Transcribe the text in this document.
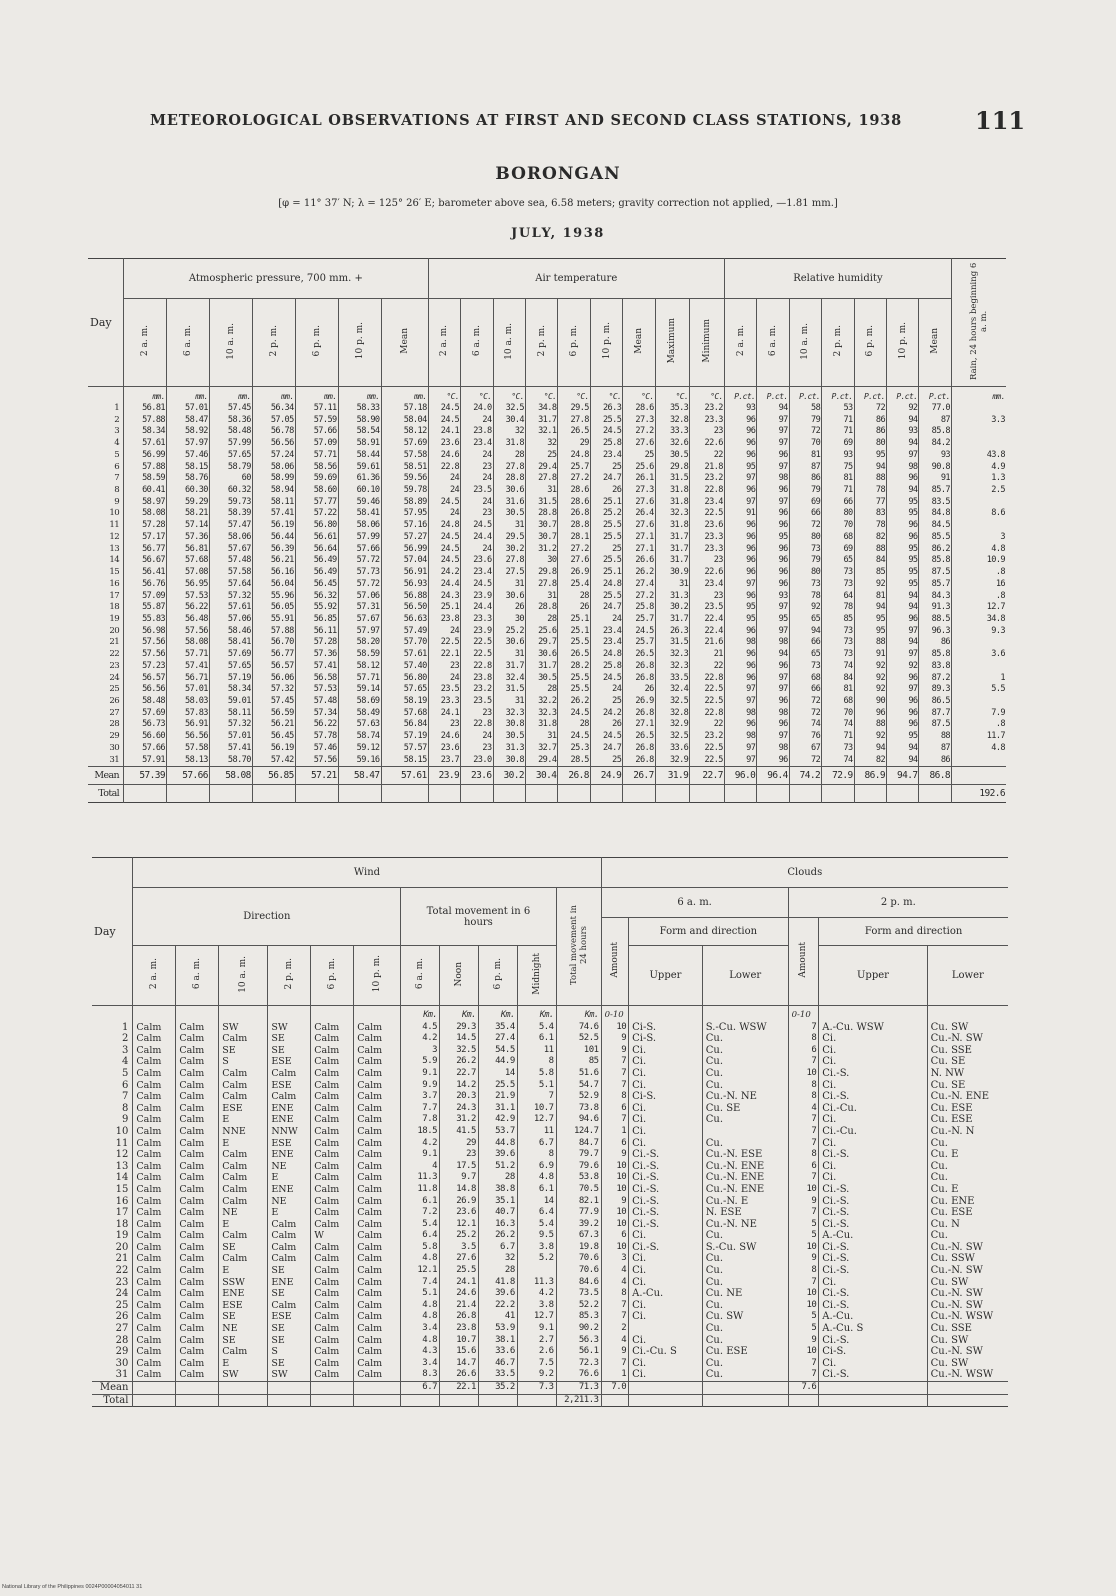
METEOROLOGICAL OBSERVATIONS AT FIRST AND SECOND CLASS STATIONS, 1938	111
BORONGAN
[φ = 11° 37′ N; λ = 125° 26′ E; barometer above sea, 6.58 meters; gravity correction not applied, —1.81 mm.]
JULY, 1938
Day	Atmospheric pressure, 700 mm. +							Air temperature									Relative humidity							Rain, 24 hours beginning 6 a. m.
	2 a. m.	6 a. m.	10 a. m.	2 p. m.	6 p. m.	10 p. m.	Mean	2 a. m.	6 a. m.	10 a. m.	2 p. m.	6 p. m.	10 p. m.	Mean	Maximum	Minimum	2 a. m.	6 a. m.	10 a. m.	2 p. m.	6 p. m.	10 p. m.	Mean	
	mm.	mm.	mm.	mm.	mm.	mm.	mm.	°C.	°C.	°C.	°C.	°C.	°C.	°C.	°C.	°C.	P.ct.	P.ct.	P.ct.	P.ct.	P.ct.	P.ct.	P.ct.	mm.
1	56.81	57.01	57.45	56.34	57.11	58.33	57.18	24.5	24.0	32.5	34.8	29.5	26.3	28.6	35.3	23.2	93	94	58	53	72	92	77.0	
2	57.88	58.47	58.36	57.05	57.59	58.90	58.04	24.5	24	30.4	31.7	27.8	25.5	27.3	32.8	23.3	96	97	79	71	86	94	87	3.3
3	58.34	58.92	58.48	56.78	57.66	58.54	58.12	24.1	23.8	32	32.1	26.5	24.5	27.2	33.3	23	96	97	72	71	86	93	85.8	
4	57.61	57.97	57.99	56.56	57.09	58.91	57.69	23.6	23.4	31.8	32	29	25.8	27.6	32.6	22.6	96	97	70	69	80	94	84.2	
5	56.99	57.46	57.65	57.24	57.71	58.44	57.58	24.6	24	28	25	24.8	23.4	25	30.5	22	96	96	81	93	95	97	93	43.8
6	57.88	58.15	58.79	58.06	58.56	59.61	58.51	22.8	23	27.8	29.4	25.7	25	25.6	29.8	21.8	95	97	87	75	94	98	90.8	4.9
7	58.59	58.76	60	58.99	59.69	61.36	59.56	24	24	28.8	27.8	27.2	24.7	26.1	31.5	23.2	97	98	86	81	88	96	91	1.3
8	60.41	60.30	60.32	58.94	58.60	60.10	59.78	24	23.5	30.6	31	28.6	26	27.3	31.8	22.8	96	96	79	71	78	94	85.7	2.5
9	58.97	59.29	59.73	58.11	57.77	59.46	58.89	24.5	24	31.6	31.5	28.6	25.1	27.6	31.8	23.4	97	97	69	66	77	95	83.5	
10	58.08	58.21	58.39	57.41	57.22	58.41	57.95	24	23	30.5	28.8	26.8	25.2	26.4	32.3	22.5	91	96	66	80	83	95	84.8	8.6
11	57.28	57.14	57.47	56.19	56.80	58.06	57.16	24.8	24.5	31	30.7	28.8	25.5	27.6	31.8	23.6	96	96	72	70	78	96	84.5	
12	57.17	57.36	58.06	56.44	56.61	57.99	57.27	24.5	24.4	29.5	30.7	28.1	25.5	27.1	31.7	23.3	96	95	80	68	82	96	85.5	3
13	56.77	56.81	57.67	56.39	56.64	57.66	56.99	24.5	24	30.2	31.2	27.2	25	27.1	31.7	23.3	96	96	73	69	88	95	86.2	4.8
14	56.67	57.68	57.48	56.21	56.49	57.72	57.04	24.5	23.6	27.8	30	27.6	25.5	26.6	31.7	23	96	96	79	65	84	95	85.8	10.9
15	56.41	57.08	57.58	56.16	56.49	57.73	56.91	24.2	23.4	27.5	29.8	26.9	25.1	26.2	30.9	22.6	96	96	80	73	85	95	87.5	.8
16	56.76	56.95	57.64	56.04	56.45	57.72	56.93	24.4	24.5	31	27.8	25.4	24.8	27.4	31	23.4	97	96	73	73	92	95	85.7	16
17	57.09	57.53	57.32	55.96	56.32	57.06	56.88	24.3	23.9	30.6	31	28	25.5	27.2	31.3	23	96	93	78	64	81	94	84.3	.8
18	55.87	56.22	57.61	56.05	55.92	57.31	56.50	25.1	24.4	26	28.8	26	24.7	25.8	30.2	23.5	95	97	92	78	94	94	91.3	12.7
19	55.83	56.48	57.06	55.91	56.85	57.67	56.63	23.8	23.3	30	28	25.1	24	25.7	31.7	22.4	95	95	65	85	95	96	88.5	34.8
20	56.98	57.56	58.46	57.88	56.11	57.97	57.49	24	23.9	25.2	25.6	25.1	23.4	24.5	26.3	22.4	96	97	94	73	95	97	96.3	9.3
21	57.56	58.08	58.41	56.70	57.28	58.20	57.70	22.5	22.5	30.6	29.7	25.5	23.4	25.7	31.5	21.6	98	98	66	73	88	94	86	
22	57.56	57.71	57.69	56.77	57.36	58.59	57.61	22.1	22.5	31	30.6	26.5	24.8	26.5	32.3	21	96	94	65	73	91	97	85.8	3.6
23	57.23	57.41	57.65	56.57	57.41	58.12	57.40	23	22.8	31.7	31.7	28.2	25.8	26.8	32.3	22	96	96	73	74	92	92	83.8	
24	56.57	56.71	57.19	56.06	56.58	57.71	56.80	24	23.8	32.4	30.5	25.5	24.5	26.8	33.5	22.8	96	97	68	84	92	96	87.2	1
25	56.56	57.01	58.34	57.32	57.53	59.14	57.65	23.5	23.2	31.5	28	25.5	24	26	32.4	22.5	97	97	66	81	92	97	89.3	5.5
26	58.48	58.03	59.01	57.45	57.48	58.69	58.19	23.3	23.5	31	32.2	26.2	25	26.9	32.5	22.5	97	96	72	68	90	96	86.5	
27	57.69	57.83	58.11	56.59	57.34	58.49	57.68	24.1	23	32.3	32.3	24.5	24.2	26.8	32.8	22.8	98	98	72	70	96	96	87.7	7.9
28	56.73	56.91	57.32	56.21	56.22	57.63	56.84	23	22.8	30.8	31.8	28	26	27.1	32.9	22	96	96	74	74	88	96	87.5	.8
29	56.60	56.56	57.01	56.45	57.78	58.74	57.19	24.6	24	30.5	31	24.5	24.5	26.5	32.5	23.2	98	97	76	71	92	95	88	11.7
30	57.66	57.58	57.41	56.19	57.46	59.12	57.57	23.6	23	31.3	32.7	25.3	24.7	26.8	33.6	22.5	97	98	67	73	94	94	87	4.8
31	57.91	58.13	58.70	57.42	57.56	59.16	58.15	23.7	23.0	30.8	29.4	28.5	25	26.8	32.9	22.5	97	96	72	74	82	94	86	
Mean	57.39	57.66	58.08	56.85	57.21	58.47	57.61	23.9	23.6	30.2	30.4	26.8	24.9	26.7	31.9	22.7	96.0	96.4	74.2	72.9	86.9	94.7	86.8	
Total																								192.6
Day	Wind											Clouds					
	Direction						Total movement in 6 hours				Total movement in 24 hours	6 a. m.			2 p. m.		
												Amount	Form and direction		Amount	Form and direction	
	2 a. m.	6 a. m.	10 a. m.	2 p. m.	6 p. m.	10 p. m.	6 a. m.	Noon	6 p. m.	Midnight			Upper	Lower		Upper	Lower
							Km.	Km.	Km.	Km.	Km.	0-10			0-10		
1	Calm	Calm	SW	SW	Calm	Calm	4.5	29.3	35.4	5.4	74.6	10	Ci-S.	S.-Cu. WSW	7	A.-Cu. WSW	Cu. SW
2	Calm	Calm	Calm	SE	Calm	Calm	4.2	14.5	27.4	6.1	52.5	9	Ci-S.	Cu.	8	Ci.	Cu.-N. SW
3	Calm	Calm	SE	SE	Calm	Calm	3	32.5	54.5	11	101	9	Ci.	Cu.	6	Ci.	Cu. SSE
4	Calm	Calm	S	ESE	Calm	Calm	5.9	26.2	44.9	8	85	7	Ci.	Cu.	7	Ci.	Cu. SE
5	Calm	Calm	Calm	Calm	Calm	Calm	9.1	22.7	14	5.8	51.6	7	Ci.	Cu.	10	Ci.-S.	N. NW
6	Calm	Calm	Calm	ESE	Calm	Calm	9.9	14.2	25.5	5.1	54.7	7	Ci.	Cu.	8	Ci.	Cu. SE
7	Calm	Calm	Calm	Calm	Calm	Calm	3.7	20.3	21.9	7	52.9	8	Ci-S.	Cu.-N. NE	8	Ci.-S.	Cu.-N. ENE
8	Calm	Calm	ESE	ENE	Calm	Calm	7.7	24.3	31.1	10.7	73.8	6	Ci.	Cu. SE	4	Ci.-Cu.	Cu. ESE
9	Calm	Calm	E	ENE	Calm	Calm	7.8	31.2	42.9	12.7	94.6	7	Ci.	Cu.	7	Ci.	Cu. ESE
10	Calm	Calm	NNE	NNW	Calm	Calm	18.5	41.5	53.7	11	124.7	1	Ci.		7	Ci.-Cu.	Cu.-N. N
11	Calm	Calm	E	ESE	Calm	Calm	4.2	29	44.8	6.7	84.7	6	Ci.	Cu.	7	Ci.	Cu.
12	Calm	Calm	Calm	ENE	Calm	Calm	9.1	23	39.6	8	79.7	9	Ci.-S.	Cu.-N. ESE	8	Ci.-S.	Cu. E
13	Calm	Calm	Calm	NE	Calm	Calm	4	17.5	51.2	6.9	79.6	10	Ci.-S.	Cu.-N. ENE	6	Ci.	Cu.
14	Calm	Calm	Calm	E	Calm	Calm	11.3	9.7	28	4.8	53.8	10	Ci.-S.	Cu.-N. ENE	7	Ci.	Cu.
15	Calm	Calm	Calm	ENE	Calm	Calm	11.8	14.8	38.8	6.1	70.5	10	Ci.-S.	Cu.-N. ENE	10	Ci.-S.	Cu. E
16	Calm	Calm	Calm	NE	Calm	Calm	6.1	26.9	35.1	14	82.1	9	Ci.-S.	Cu.-N. E	9	Ci.-S.	Cu. ENE
17	Calm	Calm	NE	E	Calm	Calm	7.2	23.6	40.7	6.4	77.9	10	Ci.-S.	N. ESE	7	Ci.-S.	Cu. ESE
18	Calm	Calm	E	Calm	Calm	Calm	5.4	12.1	16.3	5.4	39.2	10	Ci.-S.	Cu.-N. NE	5	Ci.-S.	Cu. N
19	Calm	Calm	Calm	Calm	W	Calm	6.4	25.2	26.2	9.5	67.3	6	Ci.	Cu.	5	A.-Cu.	Cu.
20	Calm	Calm	SE	Calm	Calm	Calm	5.8	3.5	6.7	3.8	19.8	10	Ci.-S.	S.-Cu. SW	10	Ci.-S.	Cu.-N. SW
21	Calm	Calm	Calm	Calm	Calm	Calm	4.8	27.6	32	5.2	70.6	3	Ci.	Cu.	9	Ci.-S.	Cu. SSW
22	Calm	Calm	E	SE	Calm	Calm	12.1	25.5	28		70.6	4	Ci.	Cu.	8	Ci.-S.	Cu.-N. SW
23	Calm	Calm	SSW	ENE	Calm	Calm	7.4	24.1	41.8	11.3	84.6	4	Ci.	Cu.	7	Ci.	Cu. SW
24	Calm	Calm	ENE	SE	Calm	Calm	5.1	24.6	39.6	4.2	73.5	8	A.-Cu.	Cu. NE	10	Ci.-S.	Cu.-N. SW
25	Calm	Calm	ESE	Calm	Calm	Calm	4.8	21.4	22.2	3.8	52.2	7	Ci.	Cu.	10	Ci.-S.	Cu.-N. SW
26	Calm	Calm	SE	ESE	Calm	Calm	4.8	26.8	41	12.7	85.3	7	Ci.	Cu. SW	5	A.-Cu.	Cu.-N. WSW
27	Calm	Calm	NE	SE	Calm	Calm	3.4	23.8	53.9	9.1	90.2	2		Cu.	5	A.-Cu. S	Cu. SSE
28	Calm	Calm	SE	SE	Calm	Calm	4.8	10.7	38.1	2.7	56.3	4	Ci.	Cu.	9	Ci.-S.	Cu. SW
29	Calm	Calm	Calm	S	Calm	Calm	4.3	15.6	33.6	2.6	56.1	9	Ci.-Cu. S	Cu. ESE	10	Ci-S.	Cu.-N. SW
30	Calm	Calm	E	SE	Calm	Calm	3.4	14.7	46.7	7.5	72.3	7	Ci.	Cu.	7	Ci.	Cu. SW
31	Calm	Calm	SW	SW	Calm	Calm	8.3	26.6	33.5	9.2	76.6	1	Ci.	Cu.	7	Ci.-S.	Cu.-N. WSW
Mean							6.7	22.1	35.2	7.3	71.3	7.0			7.6		
Total											2,211.3						
National Library of the Philippines 0024P00004054011 31
